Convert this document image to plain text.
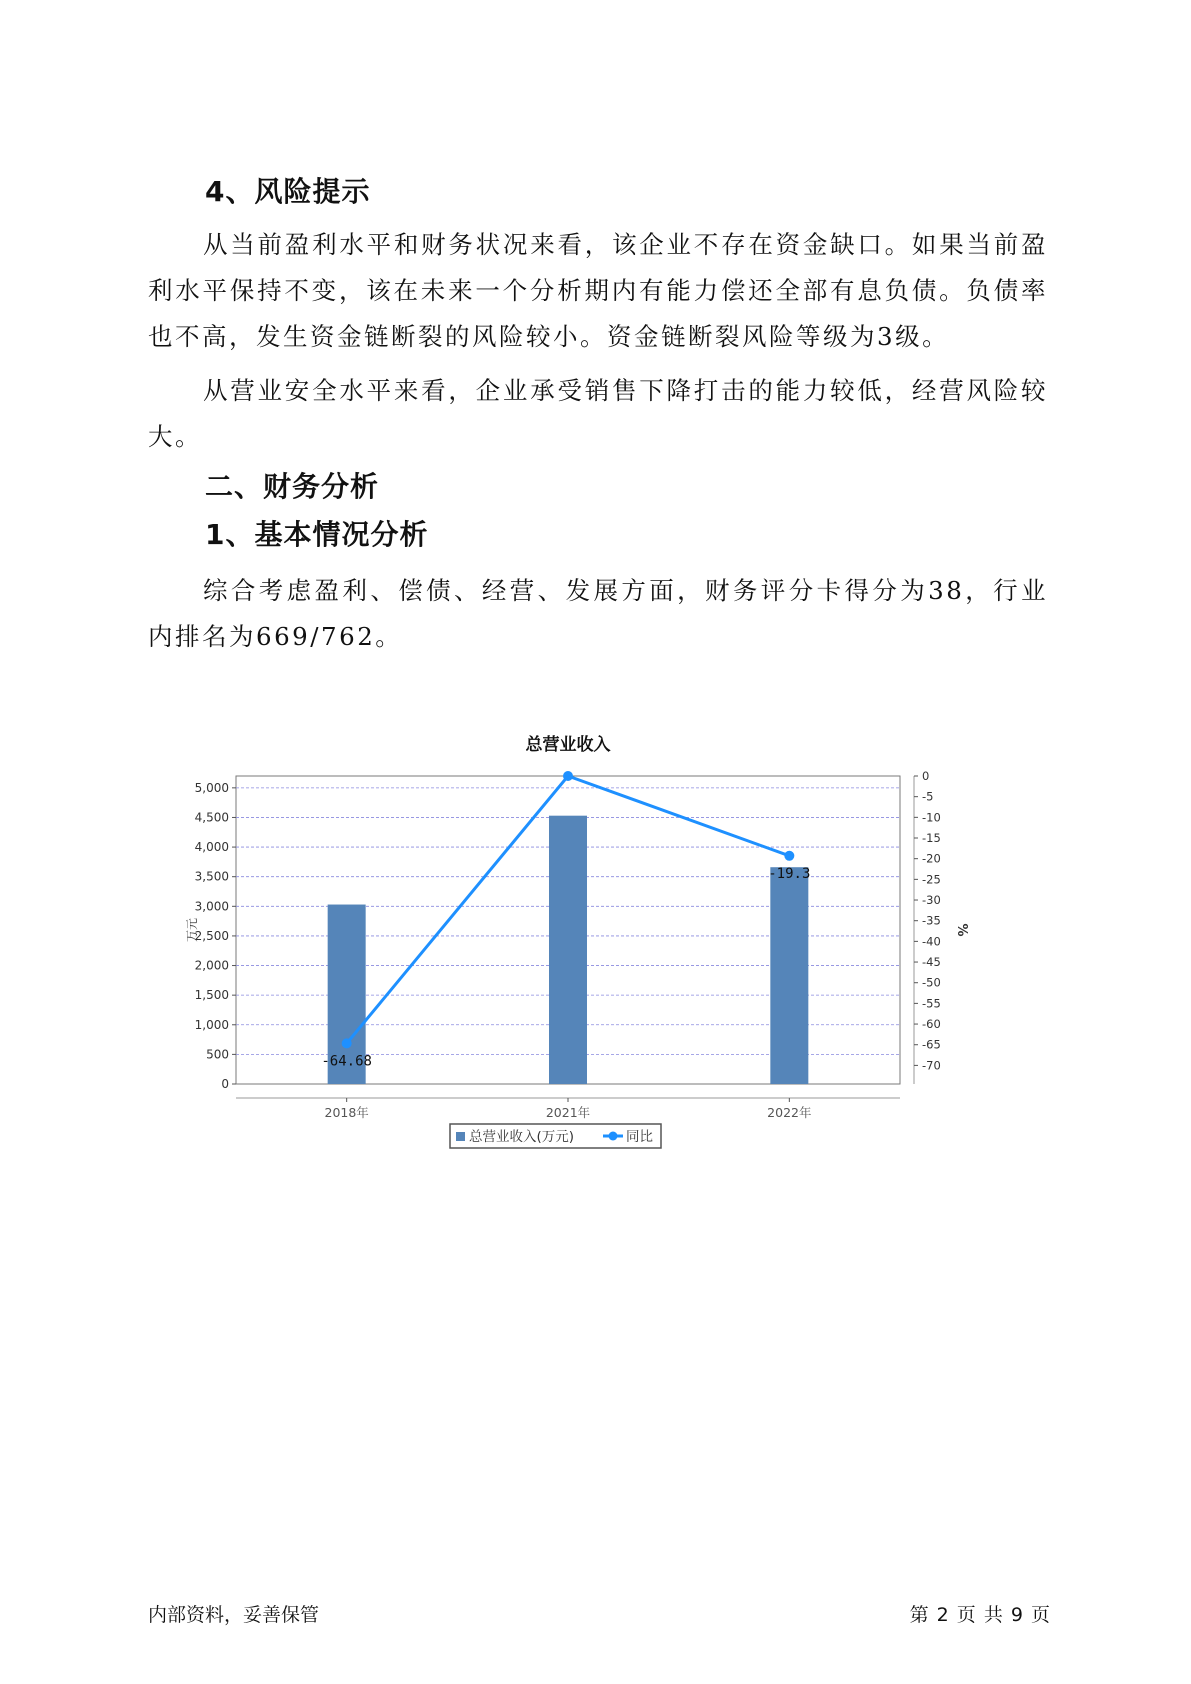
4、风险提示

从当前盈利水平和财务状况来看，该企业不存在资金缺口。如果当前盈利水平保持不变，该在未来一个分析期内有能力偿还全部有息负债。负债率也不高，发生资金链断裂的风险较小。资金链断裂风险等级为3级。

从营业安全水平来看，企业承受销售下降打击的能力较低，经营风险较大。

二、财务分析
1、基本情况分析

综合考虑盈利、偿债、经营、发展方面，财务评分卡得分为38，行业内排名为669/762。

总营业收入
0
500
1,000
1,500
2,000
2,500
3,000
3,500
4,000
4,500
5,000
0
-5
-10
-15
-20
-25
-30
-35
-40
-45
-50
-55
-60
-65
-70
万元	%
2018年	2021年	2022年
-64.68
-19.3
总营业收入(万元)	同比
内部资料，妥善保管	第 2 页 共 9 页
